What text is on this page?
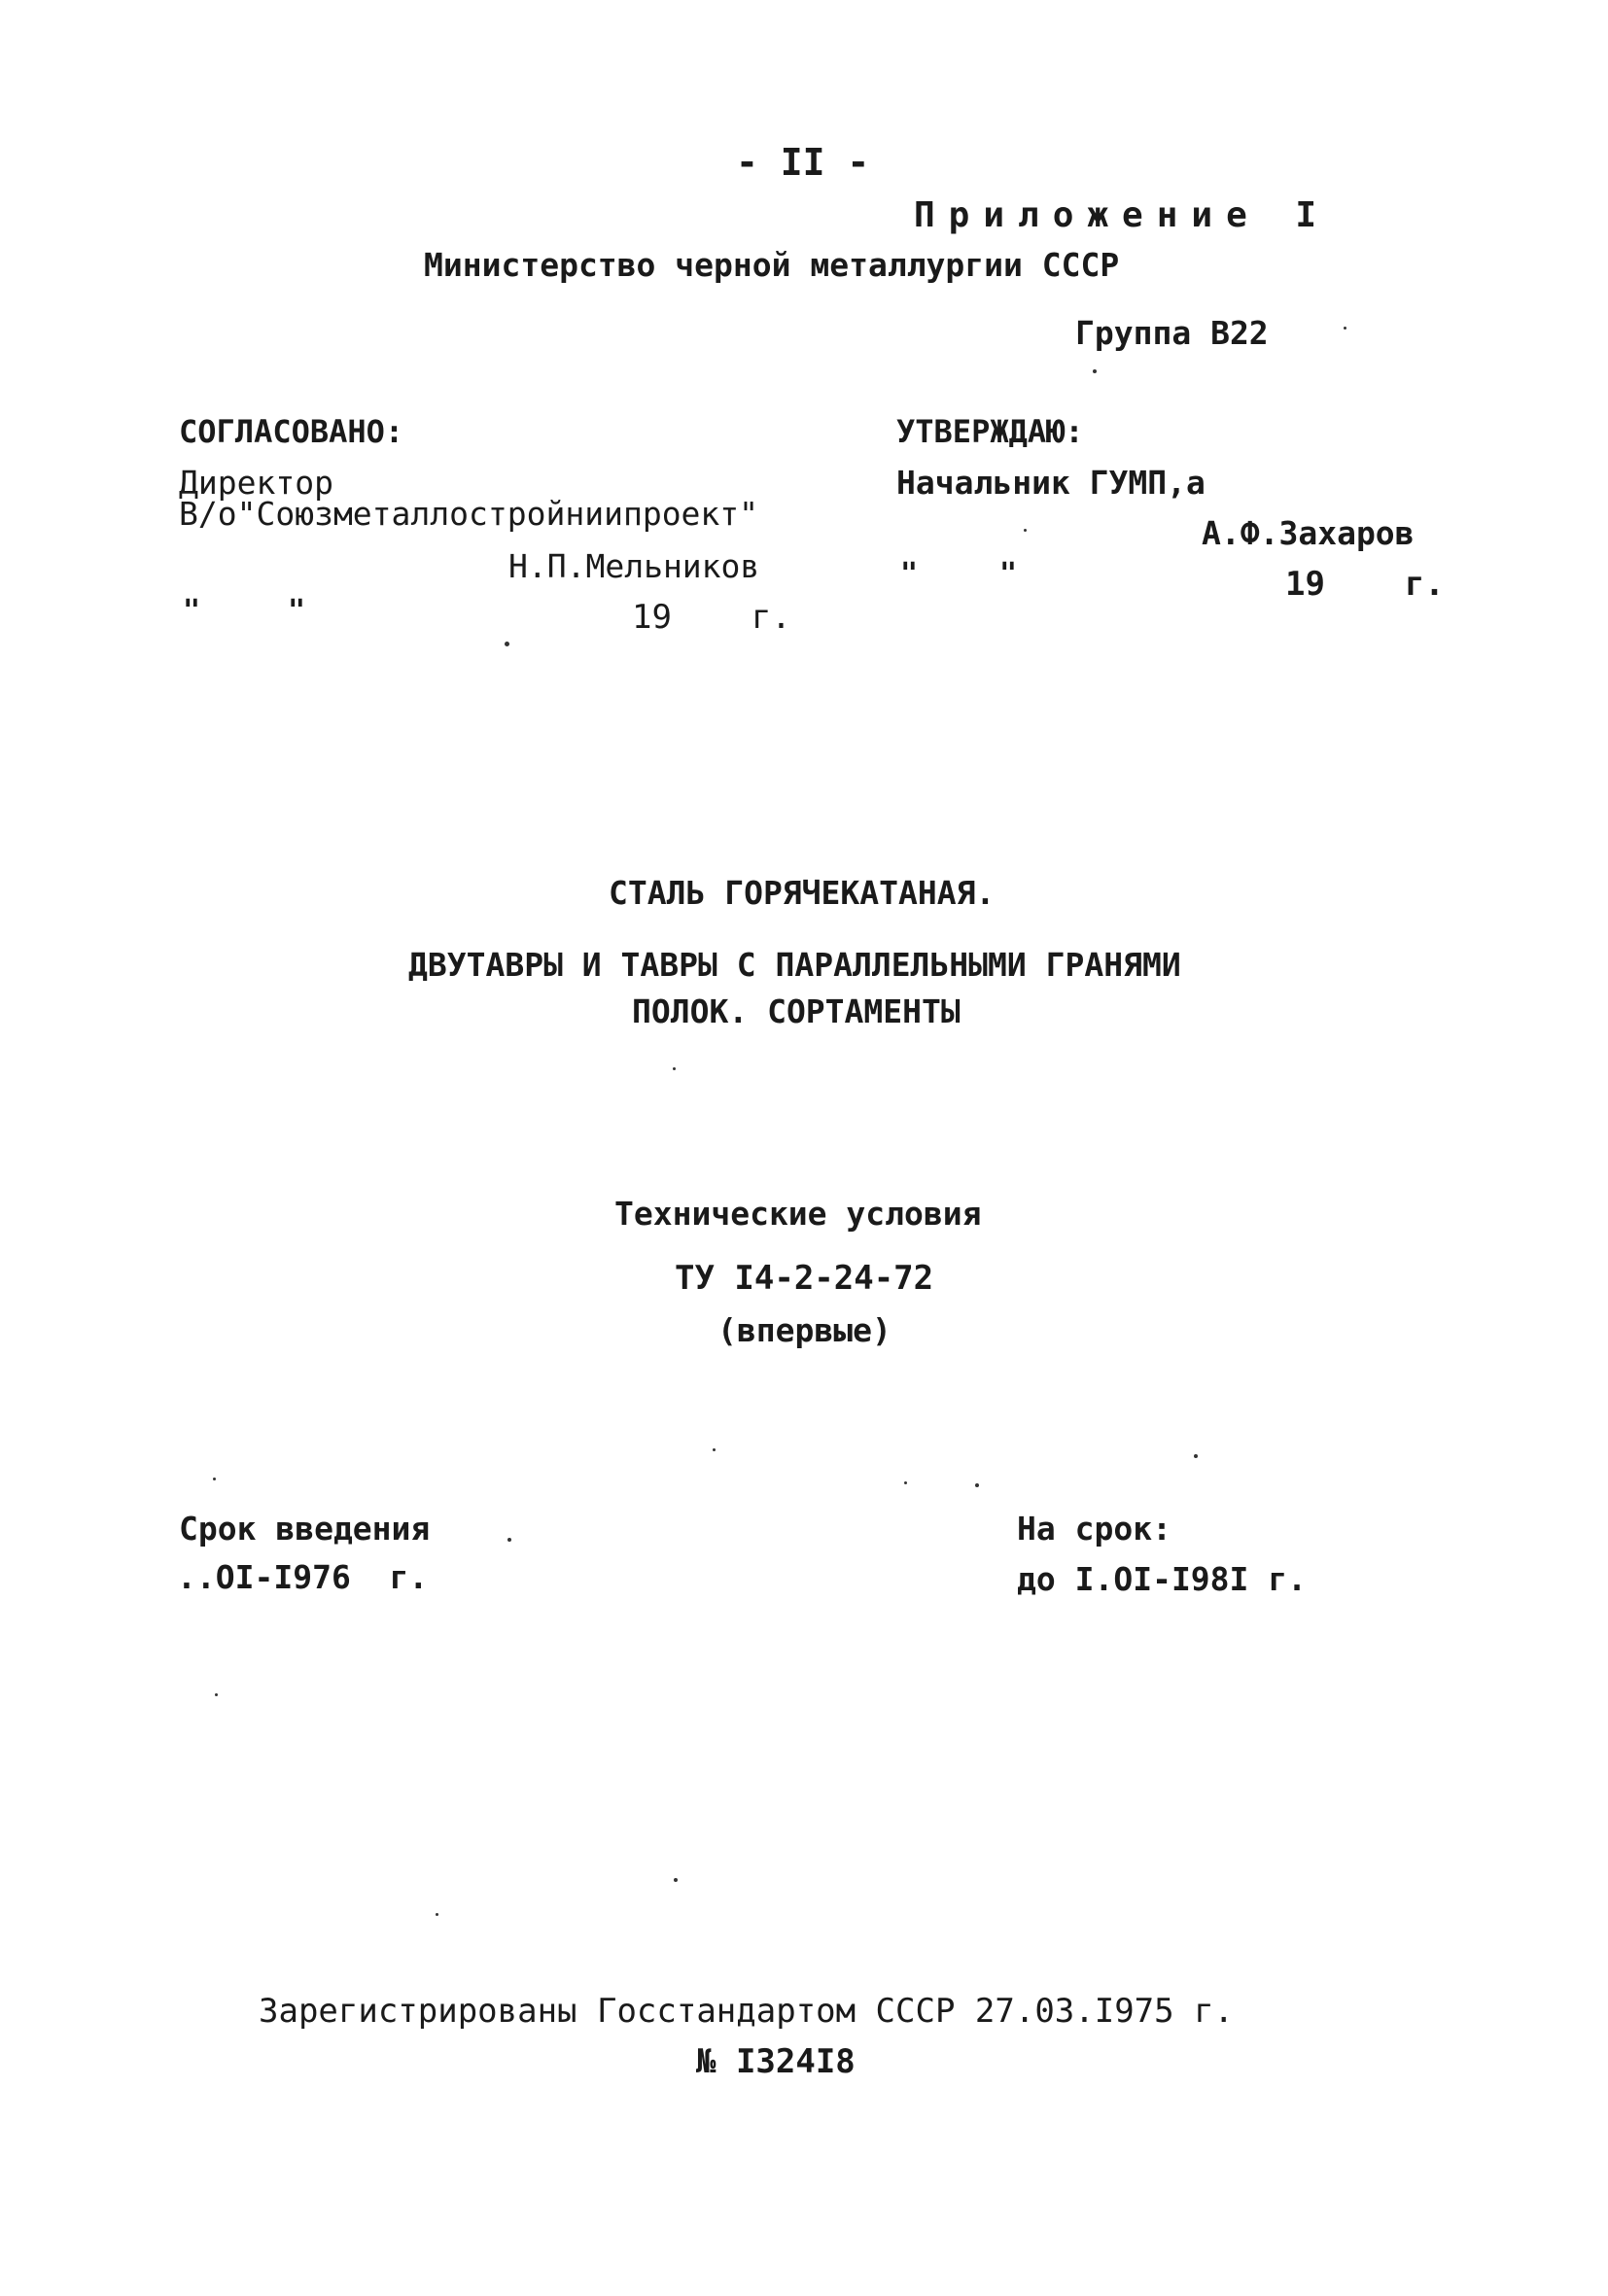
- II -
Приложение I
Министерство черной металлургии СССР
Группа В22
СОГЛАСОВАНО:
Директор
В/о"Союзметаллостройниипроект"
Н.П.Мельников
"	"	19    г.
УТВЕРЖДАЮ:
Начальник ГУМП,а
А.Ф.Захаров
"	"	19    г.
СТАЛЬ ГОРЯЧЕКАТАНАЯ.
ДВУТАВРЫ И ТАВРЫ С ПАРАЛЛЕЛЬНЫМИ ГРАНЯМИ
ПОЛОК. СОРТАМЕНТЫ
Технические условия
ТУ I4-2-24-72
(впервые)
Срок введения
..OI-I976  г.
На срок:
до I.OI-I98I г.
Зарегистрированы Госстандартом СССР 27.03.I975 г.
№ I324I8
